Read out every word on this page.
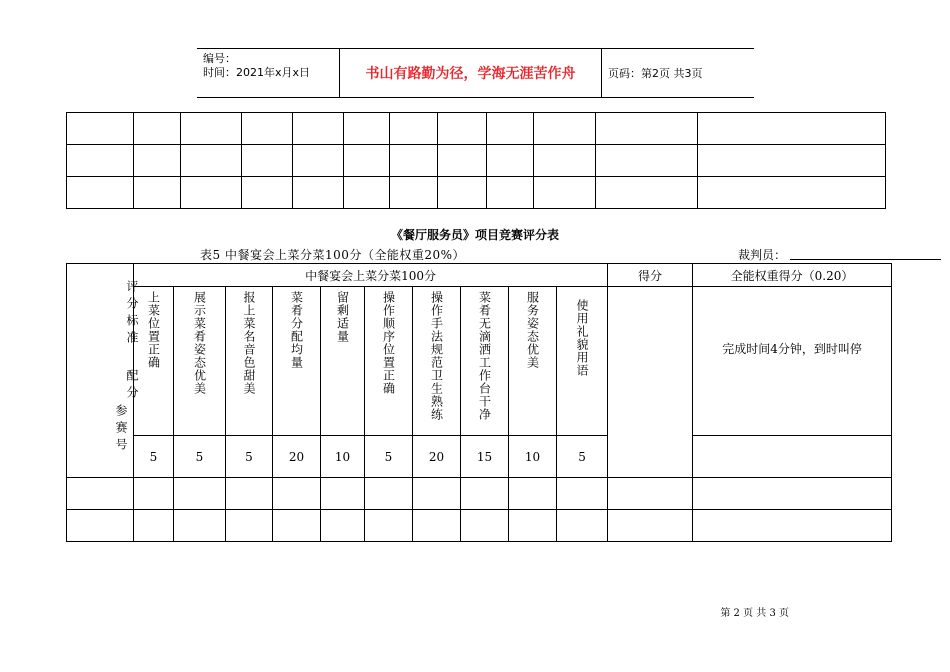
编号：
时间：2021年x月x日	书山有路勤为径，学海无涯苦作舟	页码：第2页 共3页

《餐厅服务员》项目竞赛评分表
表5 中餐宴会上菜分菜100分（全能权重20%）	裁判员：
评分标准
配分
参赛号	中餐宴会上菜分菜100分										得分	全能权重得分（0.20）
	上菜位置正确	展示菜肴姿态优美	报上菜名音色甜美	菜肴分配均量	留剩适量	操作顺序位置正确	操作手法规范卫生熟练	菜肴无滴洒工作台干净	服务姿态优美	使用礼貌用语		完成时间4分钟，到时叫停
	5	5	5	20	10	5	20	15	10	5		

第 2 页 共 3 页
